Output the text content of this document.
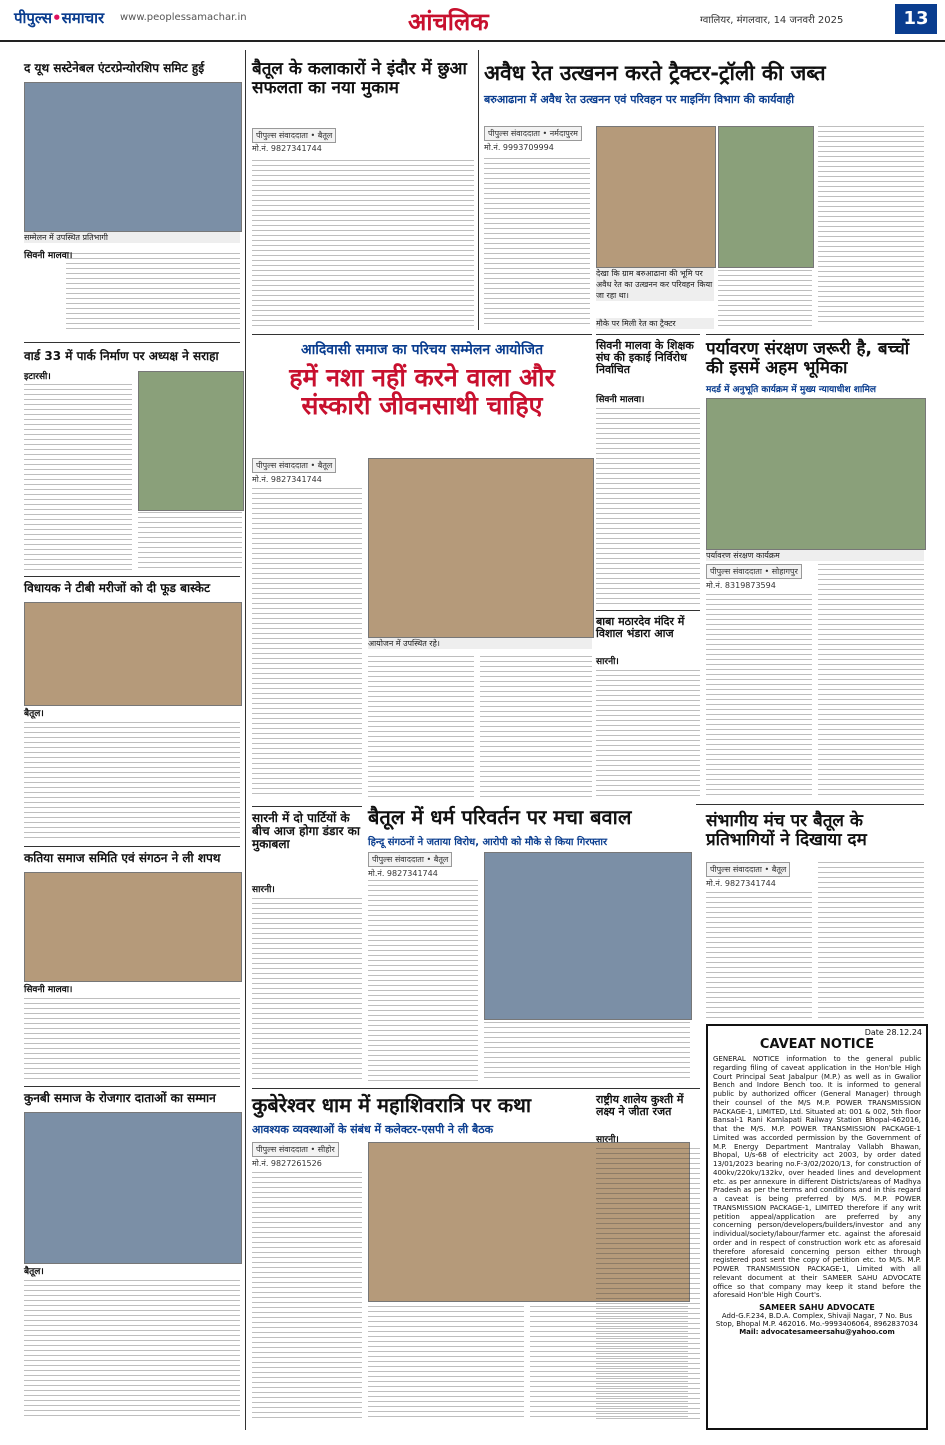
पीपुल्स•समाचार www.peoplessamachar.in	आंचलिक	ग्वालियर, मंगलवार, 14 जनवरी 2025	13
द यूथ सस्टेनेबल एंटरप्रेन्योरशिप समिट हुई
सम्मेलन में उपस्थित प्रतिभागी
सिवनी मालवा।
वार्ड 33 में पार्क निर्माण पर अध्यक्ष ने सराहा
इटारसी।
विधायक ने टीबी मरीजों को दी फूड बास्केट
बैतूल।
कतिया समाज समिति एवं संगठन ने ली शपथ
सिवनी मालवा।
कुनबी समाज के रोजगार दाताओं का सम्मान
बैतूल।
बैतूल के कलाकारों ने इंदौर में छुआ सफलता का नया मुकाम
पीपुल्स संवाददाता • बैतूल
मो.नं. 9827341744
आदिवासी समाज का परिचय सम्मेलन आयोजित
हमें नशा नहीं करने वाला और संस्कारी जीवनसाथी चाहिए
पीपुल्स संवाददाता • बैतूल
मो.नं. 9827341744
आयोजन में उपस्थित रहे।
सारनी में दो पार्टियों के बीच आज होगा डंडार का मुकाबला
सारनी।
बैतूल में धर्म परिवर्तन पर मचा बवाल
हिन्दू संगठनों ने जताया विरोध, आरोपी को मौके से किया गिरफ्तार
पीपुल्स संवाददाता • बैतूल
मो.नं. 9827341744
कुबेरेश्वर धाम में महाशिवरात्रि पर कथा
आवश्यक व्यवस्थाओं के संबंध में कलेक्टर-एसपी ने ली बैठक
पीपुल्स संवाददाता • सीहोर
मो.नं. 9827261526
अवैध रेत उत्खनन करते ट्रैक्टर-ट्रॉली की जब्त
बरुआढाना में अवैध रेत उत्खनन एवं परिवहन पर माइनिंग विभाग की कार्यवाही
पीपुल्स संवाददाता • नर्मदापुरम
मो.नं. 9993709994
देखा कि ग्राम बरुआढाना की भूमि पर अवैध रेत का उत्खनन कर परिवहन किया जा रहा था।
मौके पर मिली रेत का ट्रैक्टर
सिवनी मालवा के शिक्षक संघ की इकाई निर्विरोध निर्वाचित
सिवनी मालवा।
बाबा मठारदेव मंदिर में विशाल भंडारा आज
सारनी।
पर्यावरण संरक्षण जरूरी है, बच्चों की इसमें अहम भूमिका
मदर्ड में अनुभूति कार्यक्रम में मुख्य न्यायाधीश शामिल
पर्यावरण संरक्षण कार्यक्रम
पीपुल्स संवाददाता • सोहागपुर
मो.नं. 8319873594
संभागीय मंच पर बैतूल के प्रतिभागियों ने दिखाया दम
पीपुल्स संवाददाता • बैतूल
मो.नं. 9827341744
राष्ट्रीय शालेय कुश्ती में लक्ष्य ने जीता रजत
सारनी।
Date 28.12.24
CAVEAT NOTICE
GENERAL NOTICE information to the general public regarding filing of caveat application in the Hon'ble High Court Principal Seat Jabalpur (M.P.) as well as in Gwalior Bench and Indore Bench too. It is informed to general public by authorized officer (General Manager) through their counsel of the M/S M.P. POWER TRANSMISSION PACKAGE-1, LIMITED, Ltd. Situated at: 001 & 002, 5th floor Bansal-1 Rani Kamlapati Railway Station Bhopal-462016, that the M/S. M.P. POWER TRANSMISSION PACKAGE-1 Limited was accorded permission by the Government of M.P. Energy Department Mantralay Vallabh Bhawan, Bhopal, U/s-68 of electricity act 2003, by order dated 13/01/2023 bearing no.F-3/02/2020/13, for construction of 400kv/220kv/132kv, over headed lines and development etc. as per annexure in different Districts/areas of Madhya Pradesh as per the terms and conditions and in this regard a caveat is being preferred by M/S. M.P. POWER TRANSMISSION PACKAGE-1, LIMITED therefore if any writ petition appeal/application are preferred by any concerning person/developers/builders/investor and any individual/society/labour/farmer etc. against the aforesaid order and in respect of construction work etc as aforesaid therefore aforesaid concerning person either through registered post sent the copy of petition etc. to M/S. M.P. POWER TRANSMISSION PACKAGE-1, Limited with all relevant document at their SAMEER SAHU ADVOCATE office so that company may keep it stand before the aforesaid Hon'ble High Court's.
SAMEER SAHU ADVOCATE
Add-G.F.234, B.D.A. Complex, Shivaji Nagar, 7 No. Bus Stop, Bhopal M.P. 462016. Mo.-9993406064, 8962837034
Mail: advocatesameersahu@yahoo.com
